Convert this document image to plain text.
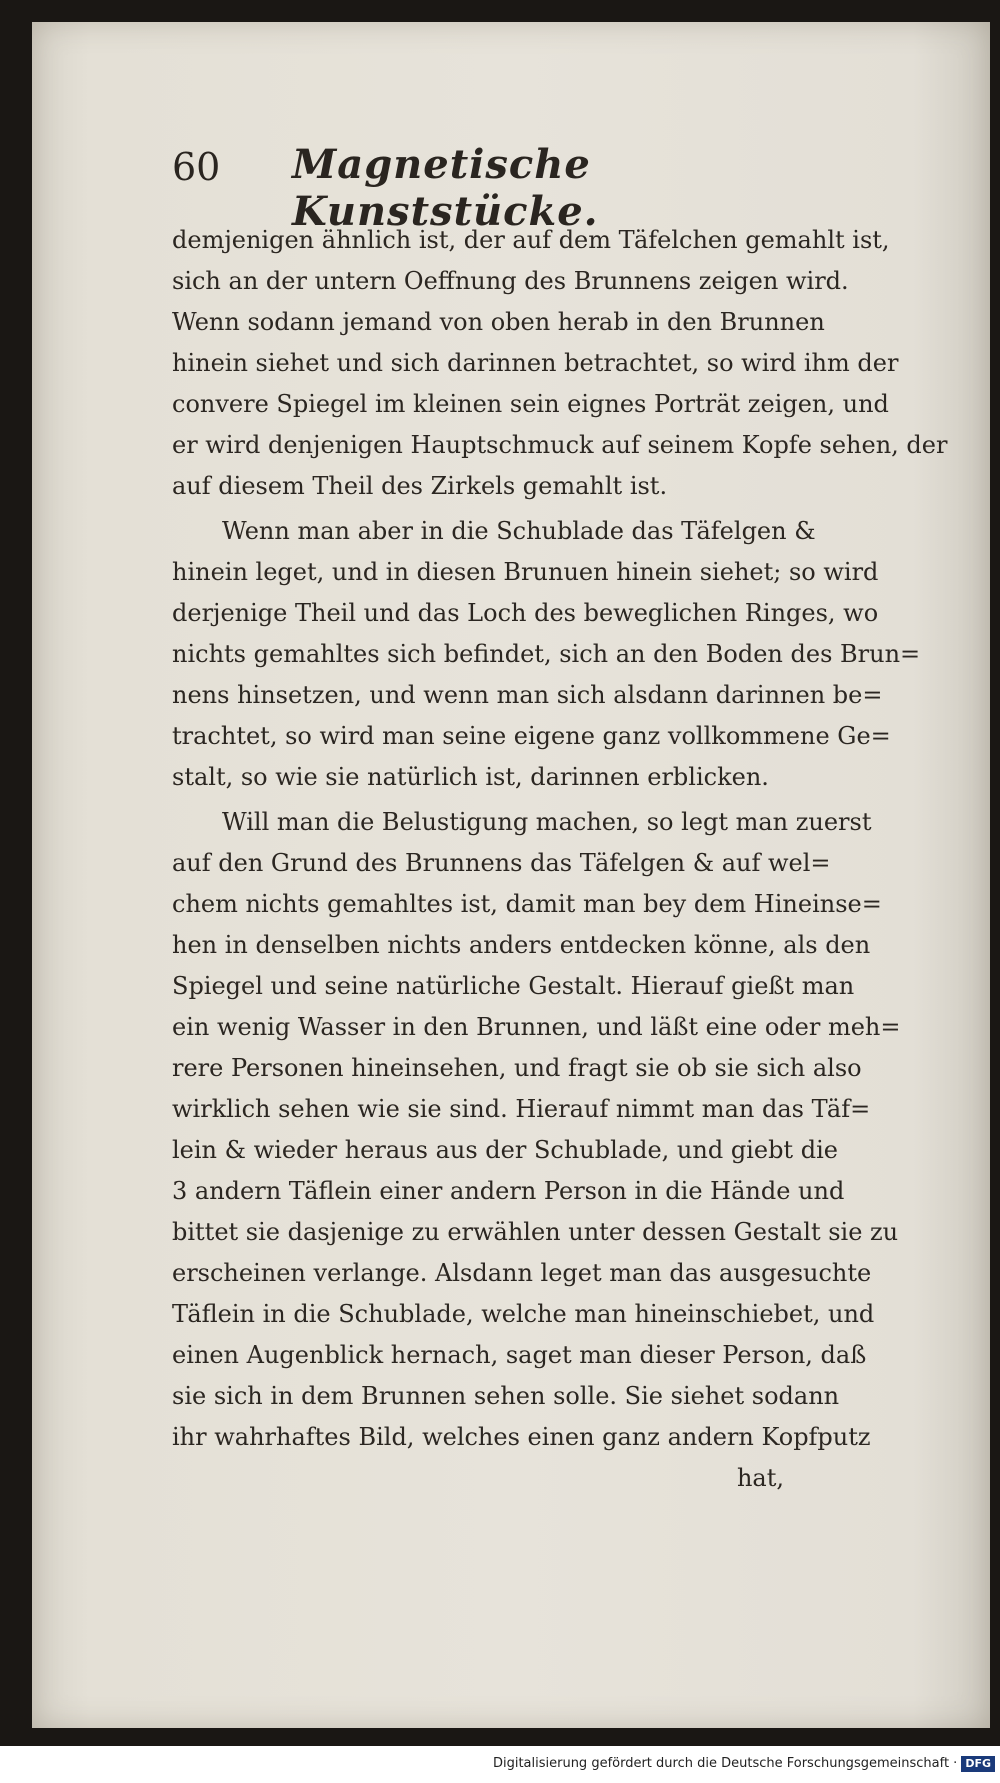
60 Magnetische Kunststücke.
demjenigen ähnlich ist, der auf dem Täfelchen gemahlt ist,
sich an der untern Oeffnung des Brunnens zeigen wird.
Wenn sodann jemand von oben herab in den Brunnen
hinein siehet und sich darinnen betrachtet, so wird ihm der
convere Spiegel im kleinen sein eignes Porträt zeigen, und
er wird denjenigen Hauptschmuck auf seinem Kopfe sehen, der
auf diesem Theil des Zirkels gemahlt ist.
Wenn man aber in die Schublade das Täfelgen &
hinein leget, und in diesen Brunuen hinein siehet; so wird
derjenige Theil und das Loch des beweglichen Ringes, wo
nichts gemahltes sich befindet, sich an den Boden des Brun=
nens hinsetzen, und wenn man sich alsdann darinnen be=
trachtet, so wird man seine eigene ganz vollkommene Ge=
stalt, so wie sie natürlich ist, darinnen erblicken.
Will man die Belustigung machen, so legt man zuerst
auf den Grund des Brunnens das Täfelgen & auf wel=
chem nichts gemahltes ist, damit man bey dem Hineinse=
hen in denselben nichts anders entdecken könne, als den
Spiegel und seine natürliche Gestalt. Hierauf gießt man
ein wenig Wasser in den Brunnen, und läßt eine oder meh=
rere Personen hineinsehen, und fragt sie ob sie sich also
wirklich sehen wie sie sind. Hierauf nimmt man das Täf=
lein & wieder heraus aus der Schublade, und giebt die
3 andern Täflein einer andern Person in die Hände und
bittet sie dasjenige zu erwählen unter dessen Gestalt sie zu
erscheinen verlange. Alsdann leget man das ausgesuchte
Täflein in die Schublade, welche man hineinschiebet, und
einen Augenblick hernach, saget man dieser Person, daß
sie sich in dem Brunnen sehen solle. Sie siehet sodann
ihr wahrhaftes Bild, welches einen ganz andern Kopfputz
hat,
Digitalisierung gefördert durch die Deutsche Forschungsgemeinschaft · DFG
